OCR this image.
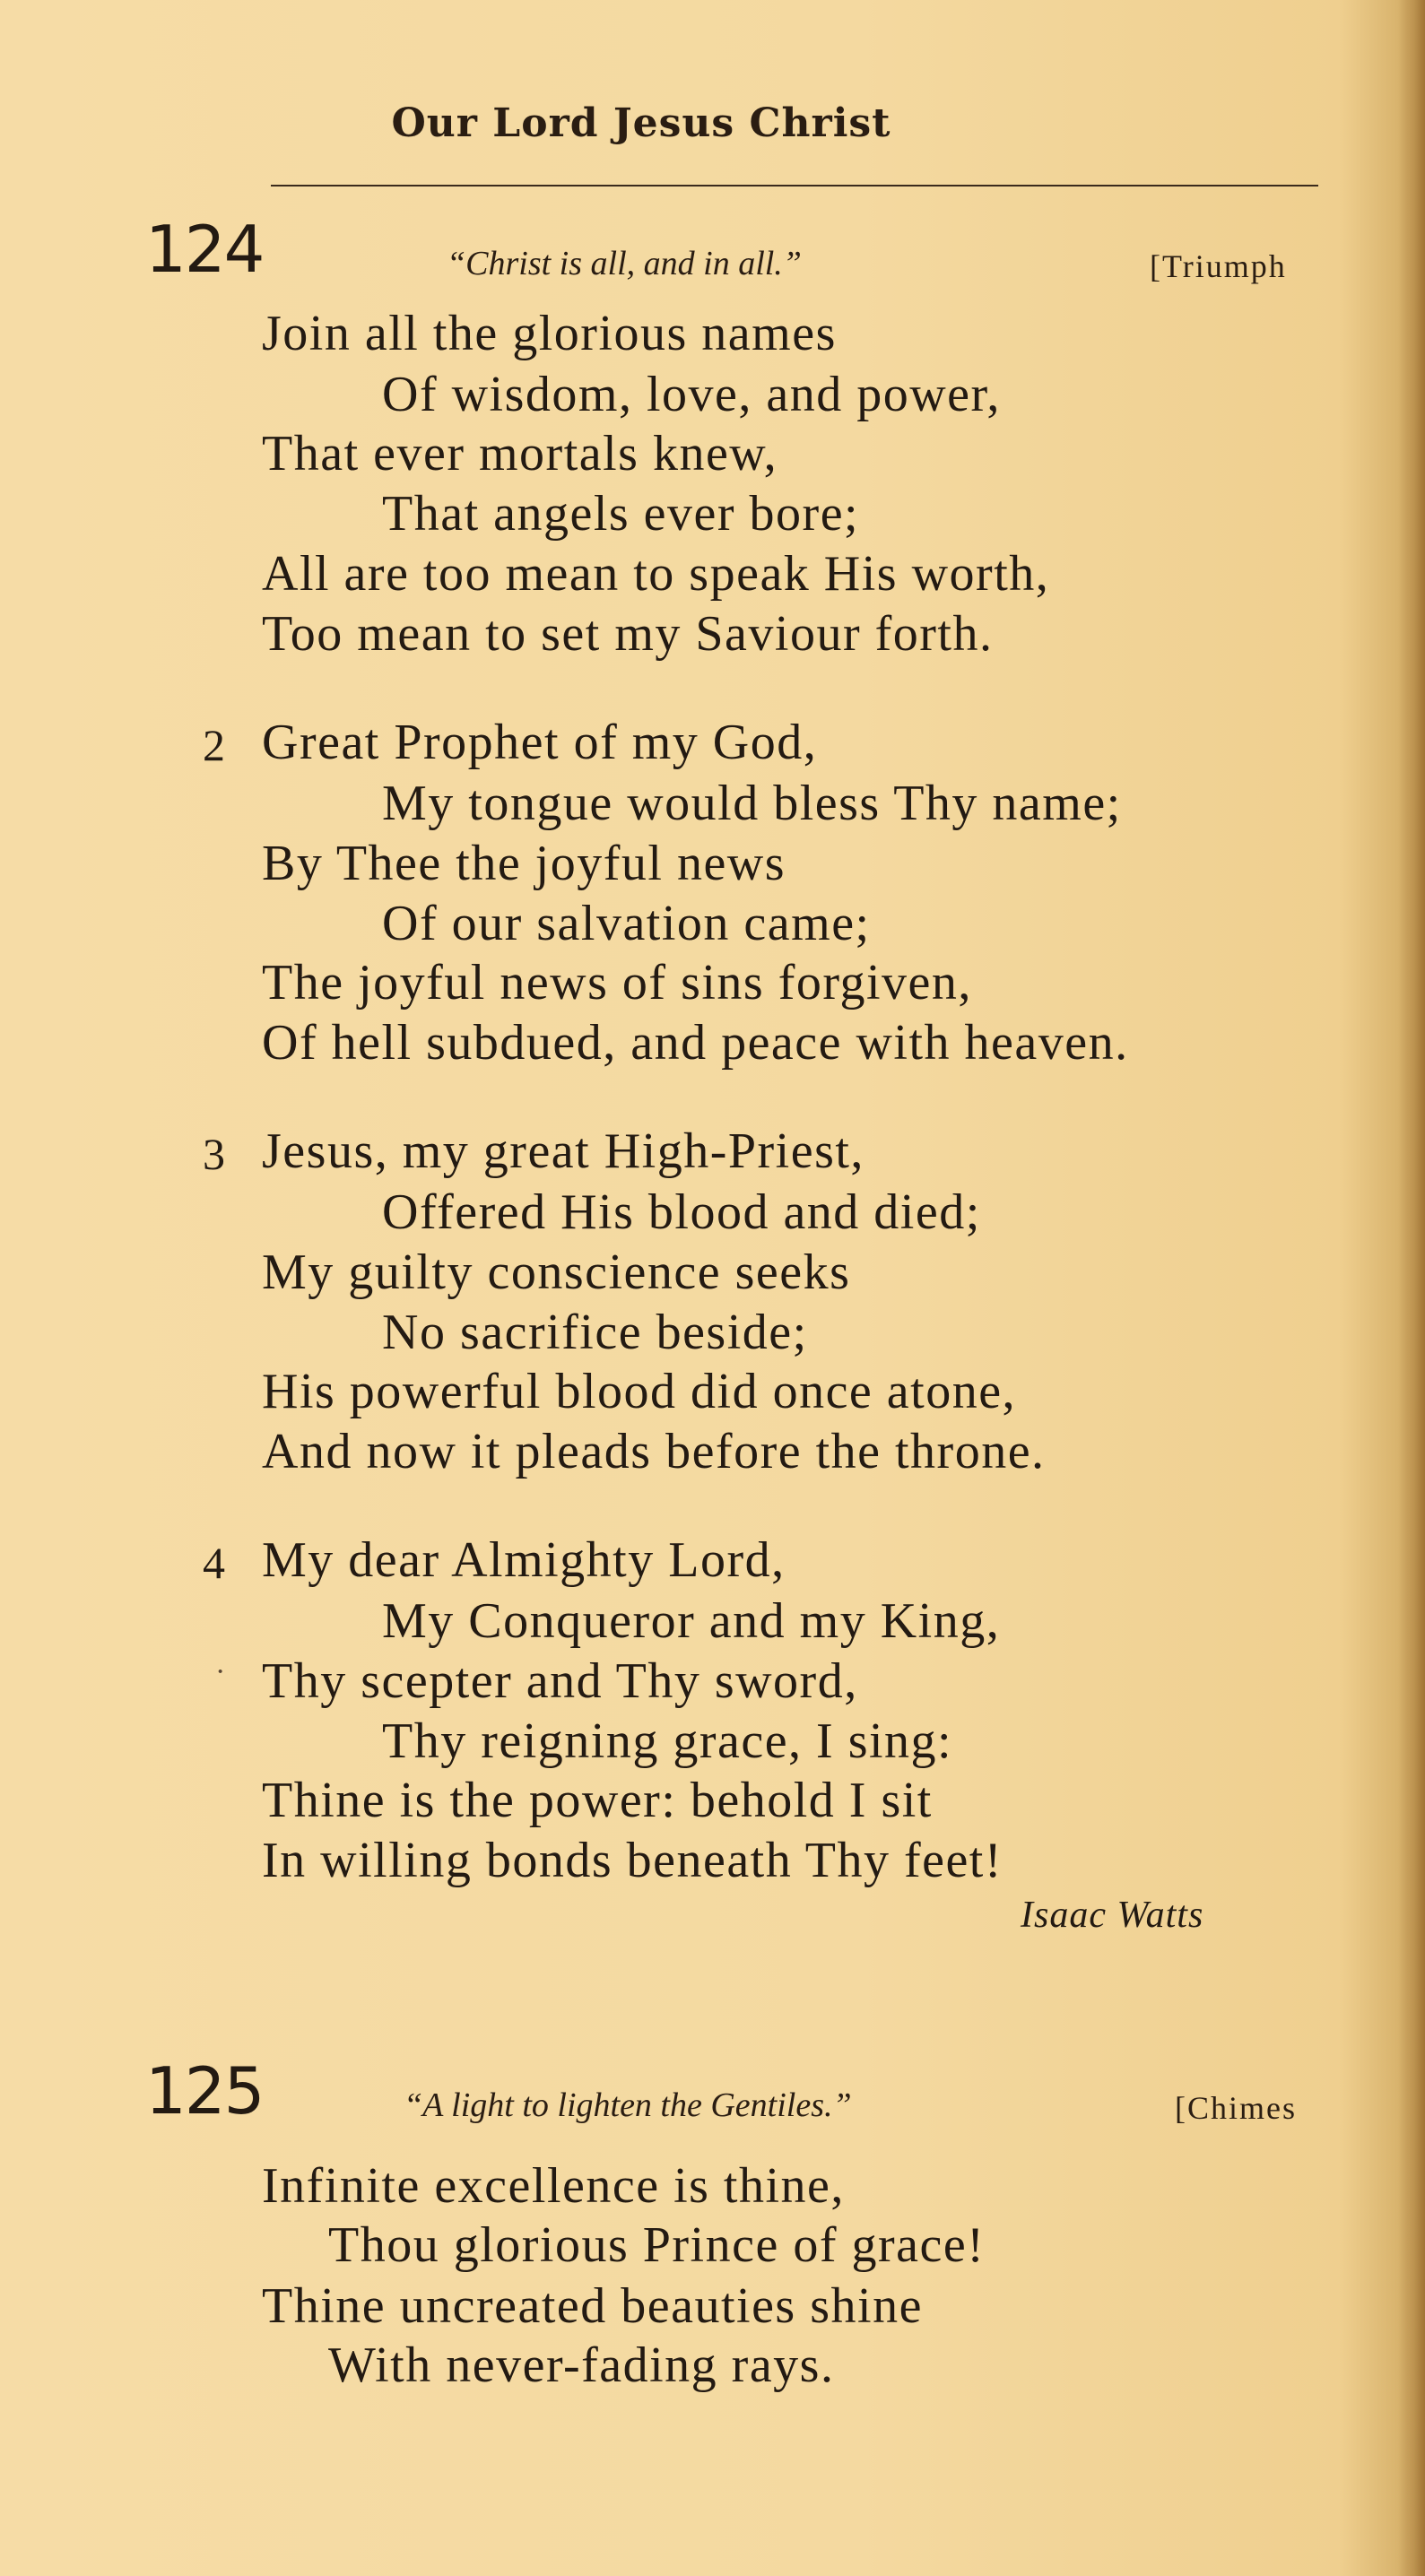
Our Lord Jesus Christ
124	“Christ is all, and in all.”	[Triumph
Join all the glorious names
Of wisdom, love, and power,
That ever mortals knew,
That angels ever bore;
All are too mean to speak His worth,
Too mean to set my Saviour forth.
2 Great Prophet of my God,
My tongue would bless Thy name;
By Thee the joyful news
Of our salvation came;
The joyful news of sins forgiven,
Of hell subdued, and peace with heaven.
3 Jesus, my great High-Priest,
Offered His blood and died;
My guilty conscience seeks
No sacrifice beside;
His powerful blood did once atone,
And now it pleads before the throne.
4 My dear Almighty Lord,
My Conqueror and my King,
· Thy scepter and Thy sword,
Thy reigning grace, I sing:
Thine is the power: behold I sit
In willing bonds beneath Thy feet!
Isaac Watts
125	“A light to lighten the Gentiles.”	[Chimes
Infinite excellence is thine,
Thou glorious Prince of grace!
Thine uncreated beauties shine
With never-fading rays.
